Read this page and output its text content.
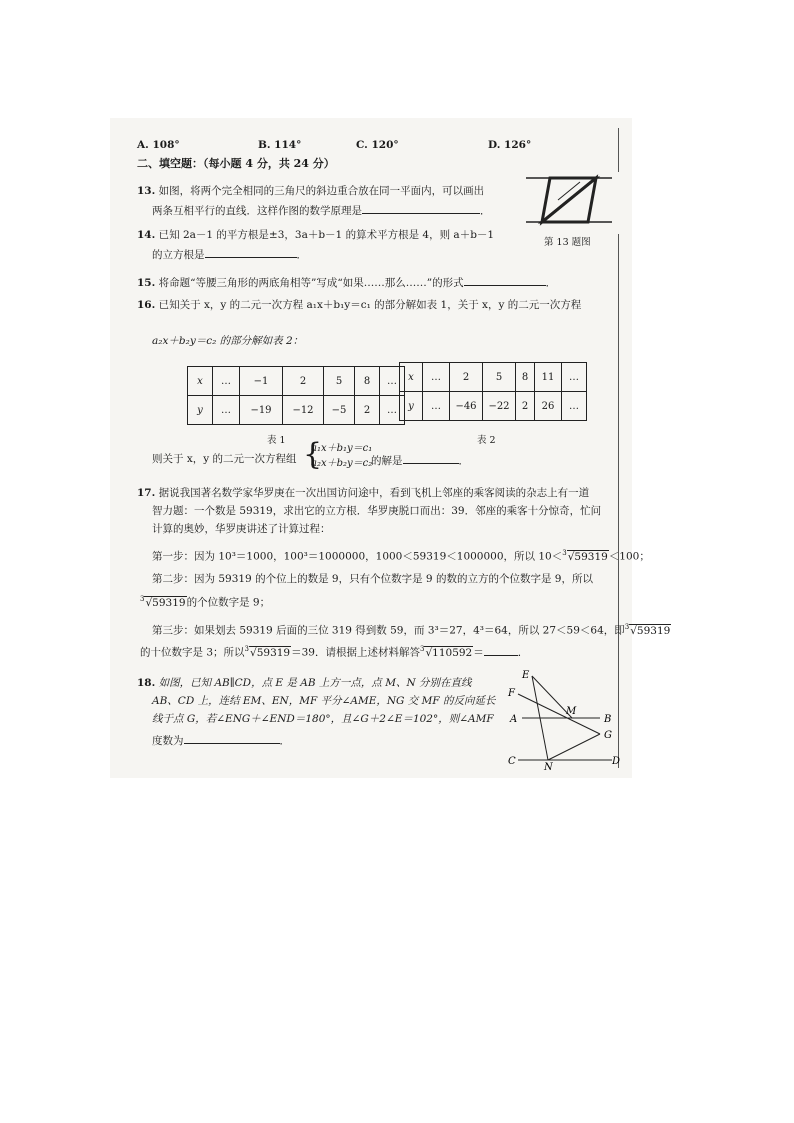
A. 108°	B. 114°	C. 120°	D. 126°
二、填空题：（每小题 4 分，共 24 分）
13. 如图，将两个完全相同的三角尺的斜边重合放在同一平面内，可以画出
两条互相平行的直线．这样作图的数学原理是	．
第 13 题图
14. 已知 2a－1 的平方根是±3，3a＋b－1 的算术平方根是 4，则 a＋b－1
的立方根是	．
15. 将命题“等腰三角形的两底角相等”写成“如果……那么……”的形式	．
16. 已知关于 x，y 的二元一次方程 a₁x＋b₁y＝c₁ 的部分解如表 1，关于 x，y 的二元一次方程
a₂x＋b₂y＝c₂ 的部分解如表 2：
x	…	−1	2	5	8	…
y	…	−19	−12	−5	2	…
表 1
x	…	2	5	8	11	…
y	…	−46	−22	2	26	…
表 2
则关于 x，y 的二元一次方程组 {
a₁x＋b₁y＝c₁
a₂x＋b₂y＝c₂
的解是	．
17. 据说我国著名数学家华罗庚在一次出国访问途中，看到飞机上邻座的乘客阅读的杂志上有一道
智力题：一个数是 59319，求出它的立方根．华罗庚脱口而出：39．邻座的乘客十分惊奇，忙问
计算的奥妙，华罗庚讲述了计算过程：
第一步：因为 10³＝1000，100³＝1000000，1000＜59319＜1000000，所以 10＜$^3$√59319＜100；
第二步：因为 59319 的个位上的数是 9，只有个位数字是 9 的数的立方的个位数字是 9，所以
$^3$√59319的个位数字是 9；
第三步：如果划去 59319 后面的三位 319 得到数 59，而 3³＝27，4³＝64，所以 27＜59＜64，即$^3$√59319
的十位数字是 3；所以$^3$√59319＝39．请根据上述材料解答$^3$√110592＝	．
18. 如图，已知 AB∥CD，点 E 是 AB 上方一点，点 M、N 分别在直线
AB、CD 上，连结 EM、EN，MF 平分∠AME，NG 交 MF 的反向延长
线于点 G，若∠ENG＋∠END＝180°，且∠G＋2∠E＝102°，则∠AMF
度数为	．
E
F
M
A	B
G
C
N
D
